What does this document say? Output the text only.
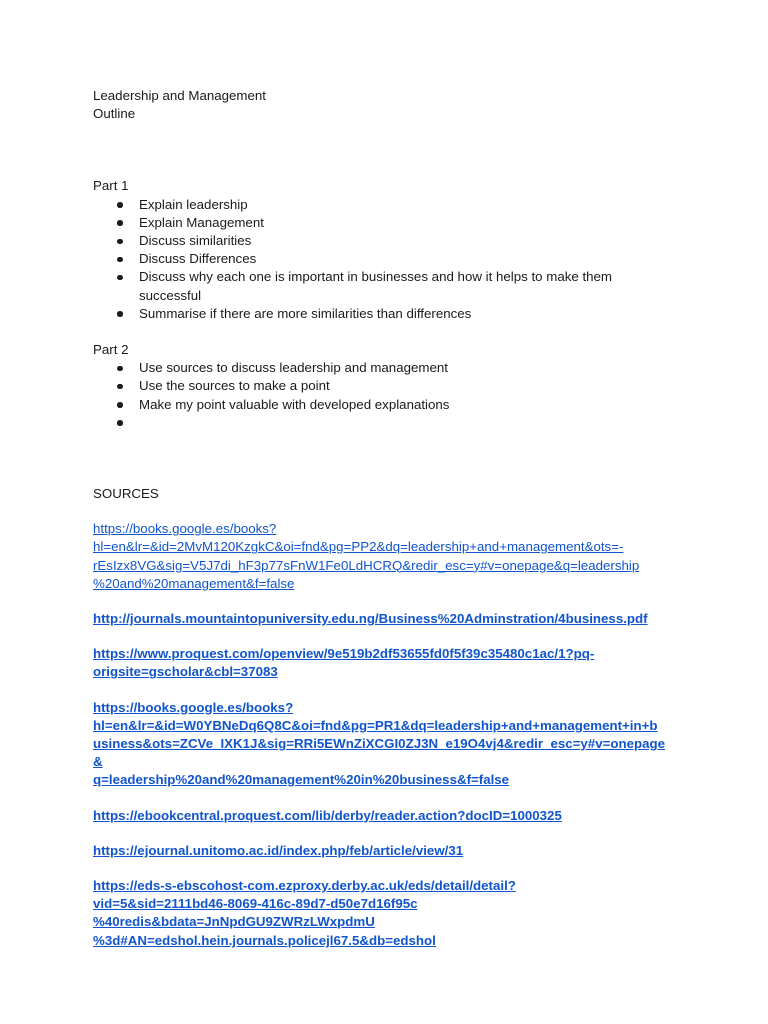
Leadership and Management
Outline
Part 1
Explain leadership
Explain Management
Discuss similarities
Discuss Differences
Discuss why each one is important in businesses and how it helps to make them successful
Summarise if there are more similarities than differences
Part 2
Use sources to discuss leadership and management
Use the sources to make a point
Make my point valuable with developed explanations
SOURCES
https://books.google.es/books?
hl=en&lr=&id=2MvM120KzgkC&oi=fnd&pg=PP2&dq=leadership+and+management&ots=-
rEsIzx8VG&sig=V5J7di_hF3p77sFnW1Fe0LdHCRQ&redir_esc=y#v=onepage&q=leadership
%20and%20management&f=false
http://journals.mountaintopuniversity.edu.ng/Business%20Adminstration/4business.pdf
https://www.proquest.com/openview/9e519b2df53655fd0f5f39c35480c1ac/1?pq-
origsite=gscholar&cbl=37083
https://books.google.es/books?
hl=en&lr=&id=W0YBNeDq6Q8C&oi=fnd&pg=PR1&dq=leadership+and+management+in+b
usiness&ots=ZCVe_IXK1J&sig=RRi5EWnZiXCGI0ZJ3N_e19O4vj4&redir_esc=y#v=onepage&
q=leadership%20and%20management%20in%20business&f=false
https://ebookcentral.proquest.com/lib/derby/reader.action?docID=1000325
https://ejournal.unitomo.ac.id/index.php/feb/article/view/31
https://eds-s-ebscohost-com.ezproxy.derby.ac.uk/eds/detail/detail?
vid=5&sid=2111bd46-8069-416c-89d7-d50e7d16f95c
%40redis&bdata=JnNpdGU9ZWRzLWxpdmU
%3d#AN=edshol.hein.journals.policejl67.5&db=edshol
